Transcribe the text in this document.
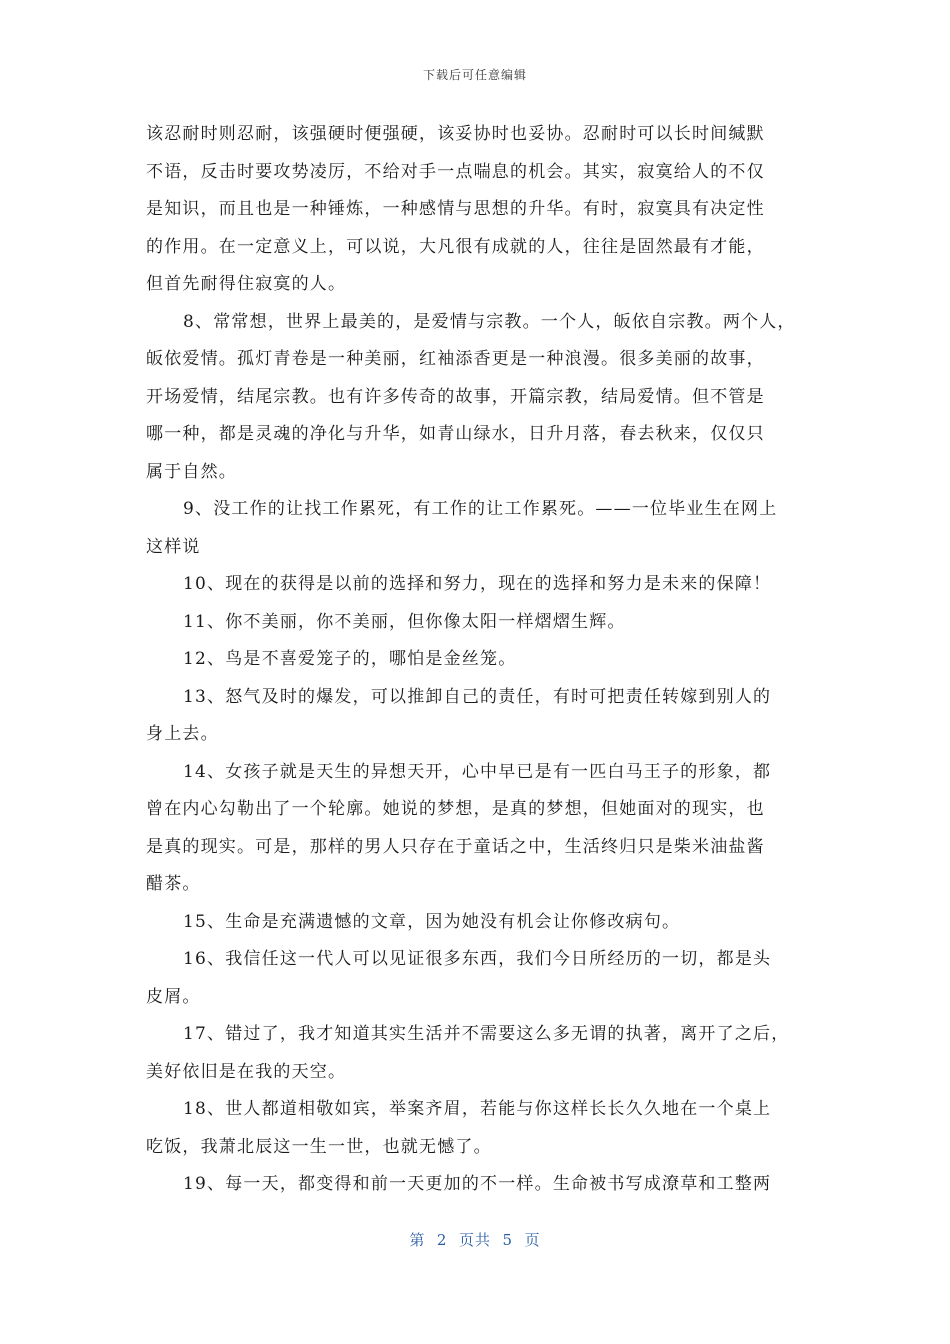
下载后可任意编辑
该忍耐时则忍耐，该强硬时便强硬，该妥协时也妥协。忍耐时可以长时间缄默
不语，反击时要攻势凌厉，不给对手一点喘息的机会。其实，寂寞给人的不仅
是知识，而且也是一种锤炼，一种感情与思想的升华。有时，寂寞具有决定性
的作用。在一定意义上，可以说，大凡很有成就的人，往往是固然最有才能，
但首先耐得住寂寞的人。
8、常常想，世界上最美的，是爱情与宗教。一个人，皈依自宗教。两个人，
皈依爱情。孤灯青卷是一种美丽，红袖添香更是一种浪漫。很多美丽的故事，
开场爱情，结尾宗教。也有许多传奇的故事，开篇宗教，结局爱情。但不管是
哪一种，都是灵魂的净化与升华，如青山绿水，日升月落，春去秋来，仅仅只
属于自然。
9、没工作的让找工作累死，有工作的让工作累死。——一位毕业生在网上
这样说
10、现在的获得是以前的选择和努力，现在的选择和努力是未来的保障！
11、你不美丽，你不美丽，但你像太阳一样熠熠生辉。
12、鸟是不喜爱笼子的，哪怕是金丝笼。
13、怒气及时的爆发，可以推卸自己的责任，有时可把责任转嫁到别人的
身上去。
14、女孩子就是天生的异想天开，心中早已是有一匹白马王子的形象，都
曾在内心勾勒出了一个轮廓。她说的梦想，是真的梦想，但她面对的现实，也
是真的现实。可是，那样的男人只存在于童话之中，生活终归只是柴米油盐酱
醋茶。
15、生命是充满遗憾的文章，因为她没有机会让你修改病句。
16、我信任这一代人可以见证很多东西，我们今日所经历的一切，都是头
皮屑。
17、错过了，我才知道其实生活并不需要这么多无谓的执著，离开了之后，
美好依旧是在我的天空。
18、世人都道相敬如宾，举案齐眉，若能与你这样长长久久地在一个桌上
吃饭，我萧北辰这一生一世，也就无憾了。
19、每一天，都变得和前一天更加的不一样。生命被书写成潦草和工整两
第  2  页共  5  页
